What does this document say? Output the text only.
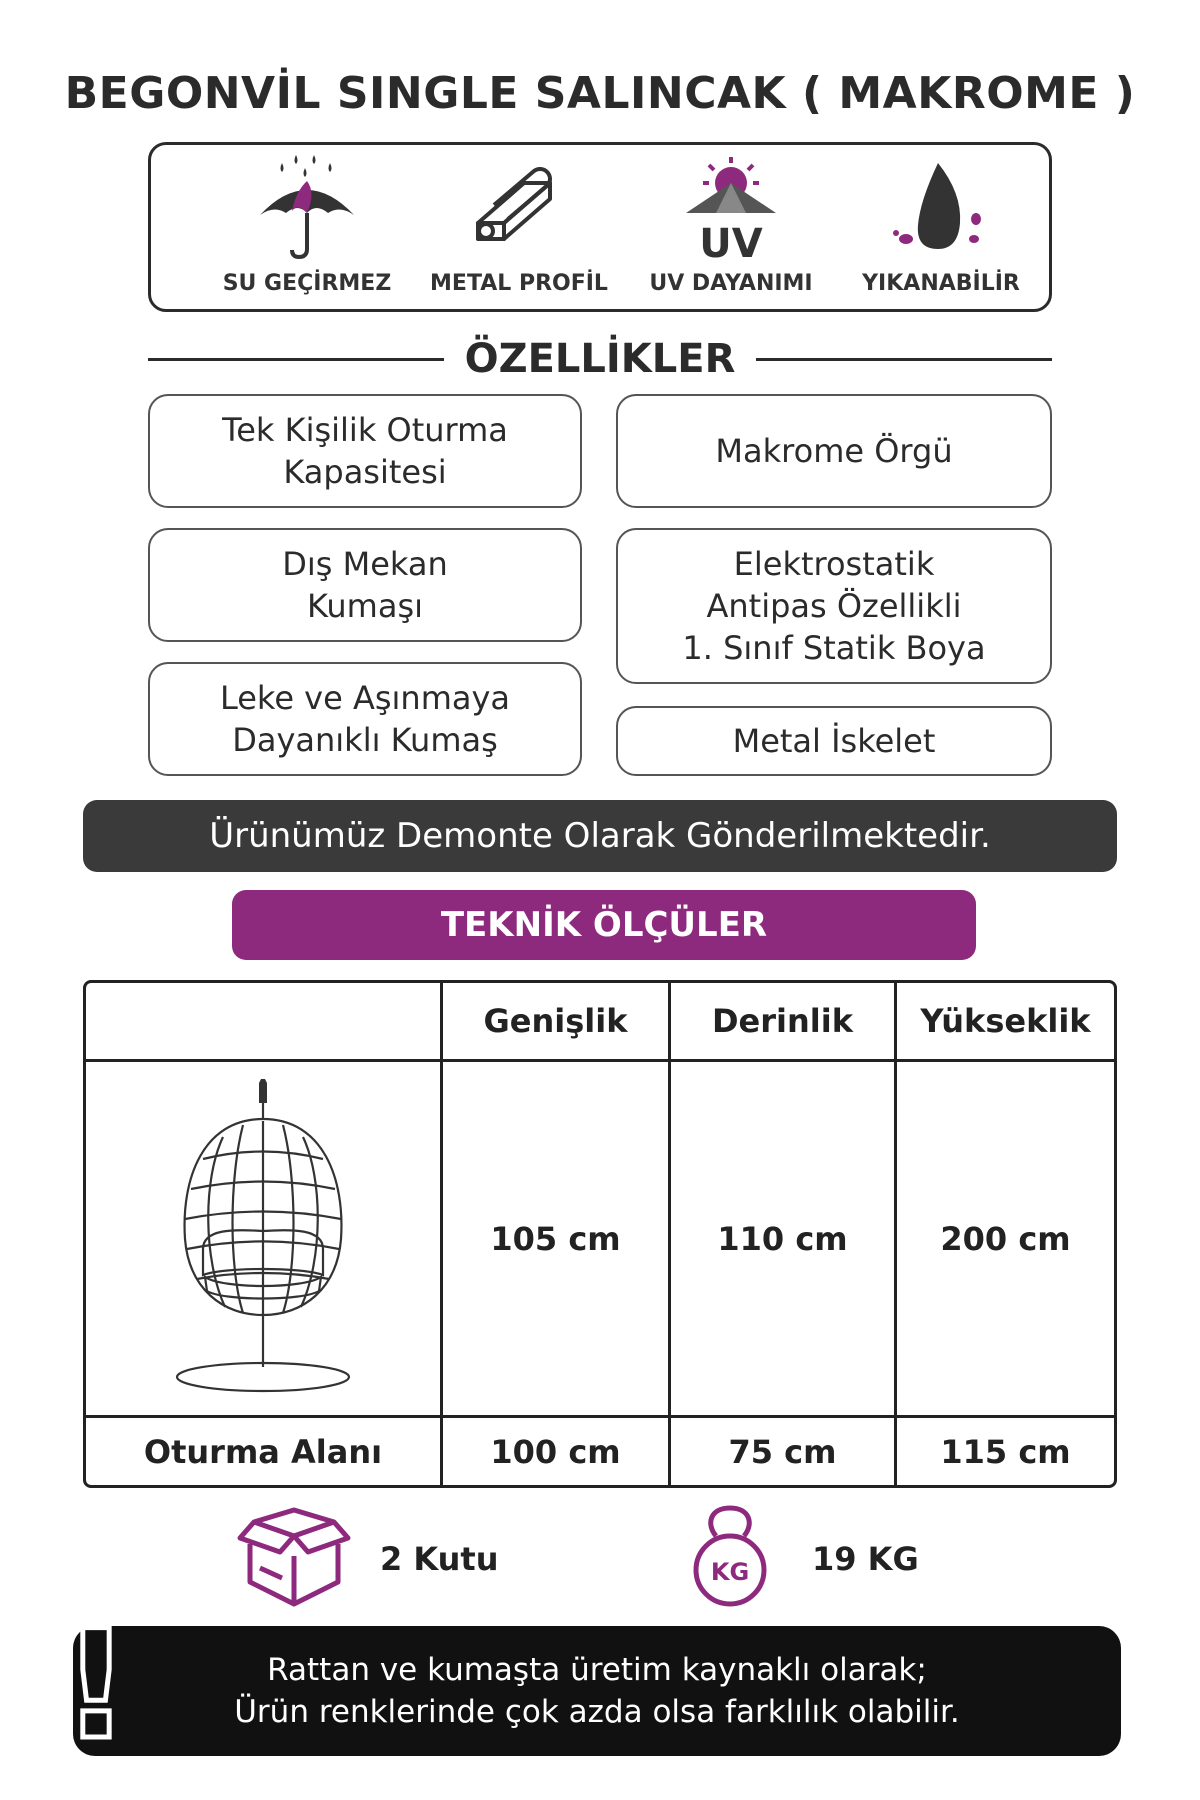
BEGONVİL SINGLE SALINCAK ( MAKROME )
SU GEÇİRMEZ	METAL PROFİL
UV
UV DAYANIMI	YIKANABİLİR
ÖZELLİKLER
Tek Kişilik Oturma
Kapasitesi
Makrome Örgü
Dış Mekan
Kumaşı
Elektrostatik
Antipas Özellikli
1. Sınıf Statik Boya
Leke ve Aşınmaya
Dayanıklı Kumaş	Metal İskelet
Ürünümüz Demonte Olarak Gönderilmektedir.
TEKNİK ÖLÇÜLER
Genişlik	Derinlik	Yükseklik
105 cm	110 cm	200 cm
Oturma Alanı	100 cm	75 cm	115 cm
2 Kutu	KG 19 KG
Rattan ve kumaşta üretim kaynaklı olarak;
Ürün renklerinde çok azda olsa farklılık olabilir.
!
